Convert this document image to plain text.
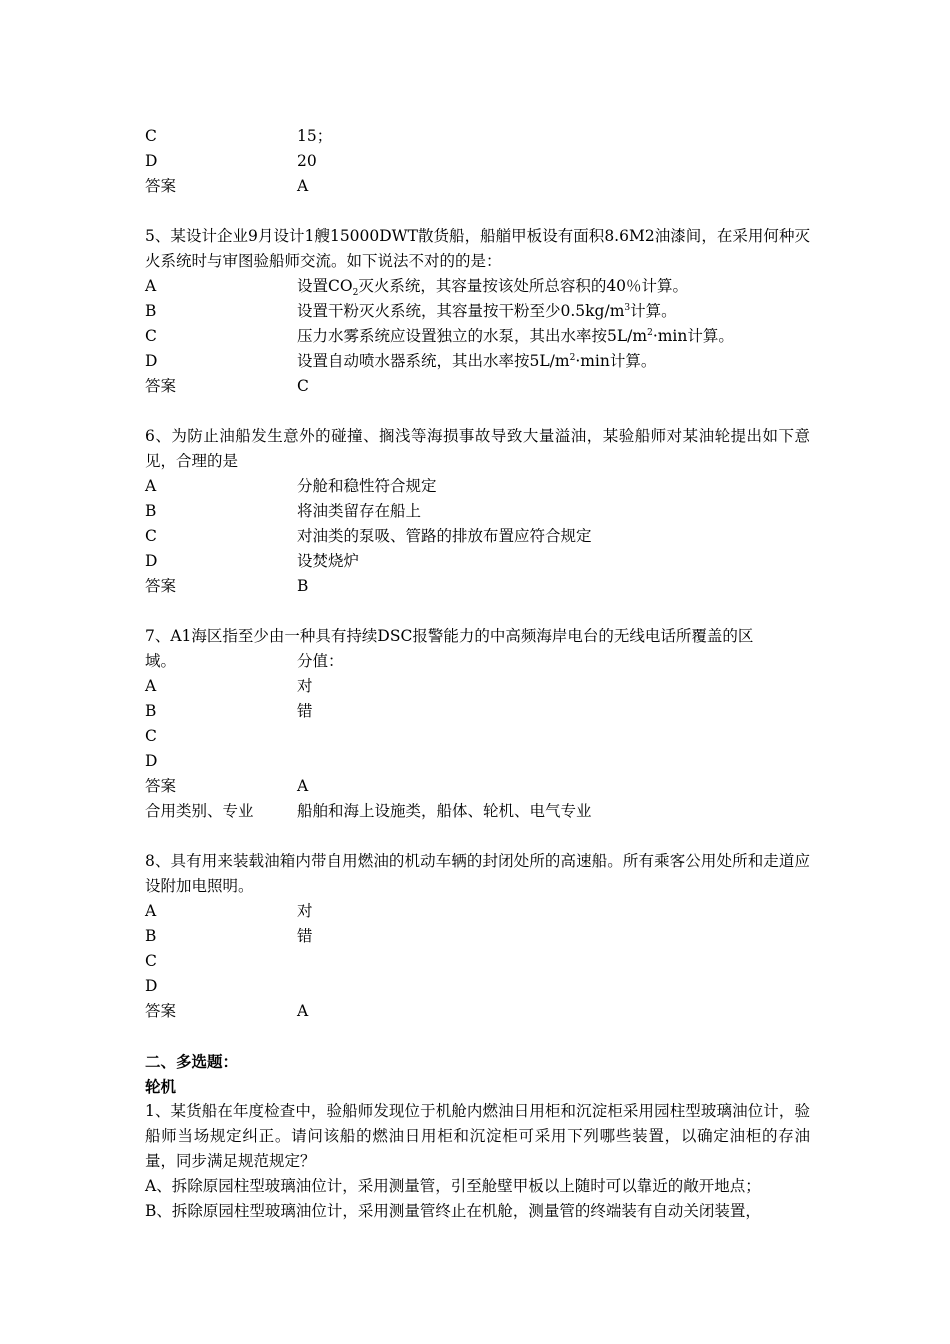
C	15；
D	20
答案	A
5、某设计企业9月设计1艘15000DWT散货船，船艏甲板设有面积8.6M2油漆间，在采用何种灭火系统时与审图验船师交流。如下说法不对的的是：
A	设置$CO_2$灭火系统，其容量按该处所总容积的40％计算。
B	设置干粉灭火系统，其容量按干粉至少$0.5kg/m^3$计算。
C	压力水雾系统应设置独立的水泵，其出水率按$5L/m^2\cdot\min$计算。
D	设置自动喷水器系统，其出水率按$5L/m^2\cdot\min$计算。
答案	C
6、为防止油船发生意外的碰撞、搁浅等海损事故导致大量溢油，某验船师对某油轮提出如下意见，合理的是
A	分舱和稳性符合规定
B	将油类留存在船上
C	对油类的泵吸、管路的排放布置应符合规定
D	设焚烧炉
答案	B
7、A1海区指至少由一种具有持续DSC报警能力的中高频海岸电台的无线电话所覆盖的区
域。	分值：
A	对
B	错
C
D
答案	A
合用类别、专业	船舶和海上设施类，船体、轮机、电气专业
8、具有用来装载油箱内带自用燃油的机动车辆的封闭处所的高速船。所有乘客公用处所和走道应设附加电照明。
A	对
B	错
C
D
答案	A
二、多选题：
轮机
1、某货船在年度检查中，验船师发现位于机舱内燃油日用柜和沉淀柜采用园柱型玻璃油位计，验船师当场规定纠正。请问该船的燃油日用柜和沉淀柜可采用下列哪些装置，以确定油柜的存油量，同步满足规范规定？
A、拆除原园柱型玻璃油位计，采用测量管，引至舱壁甲板以上随时可以靠近的敞开地点；
B、拆除原园柱型玻璃油位计，采用测量管终止在机舱，测量管的终端装有自动关闭装置，
